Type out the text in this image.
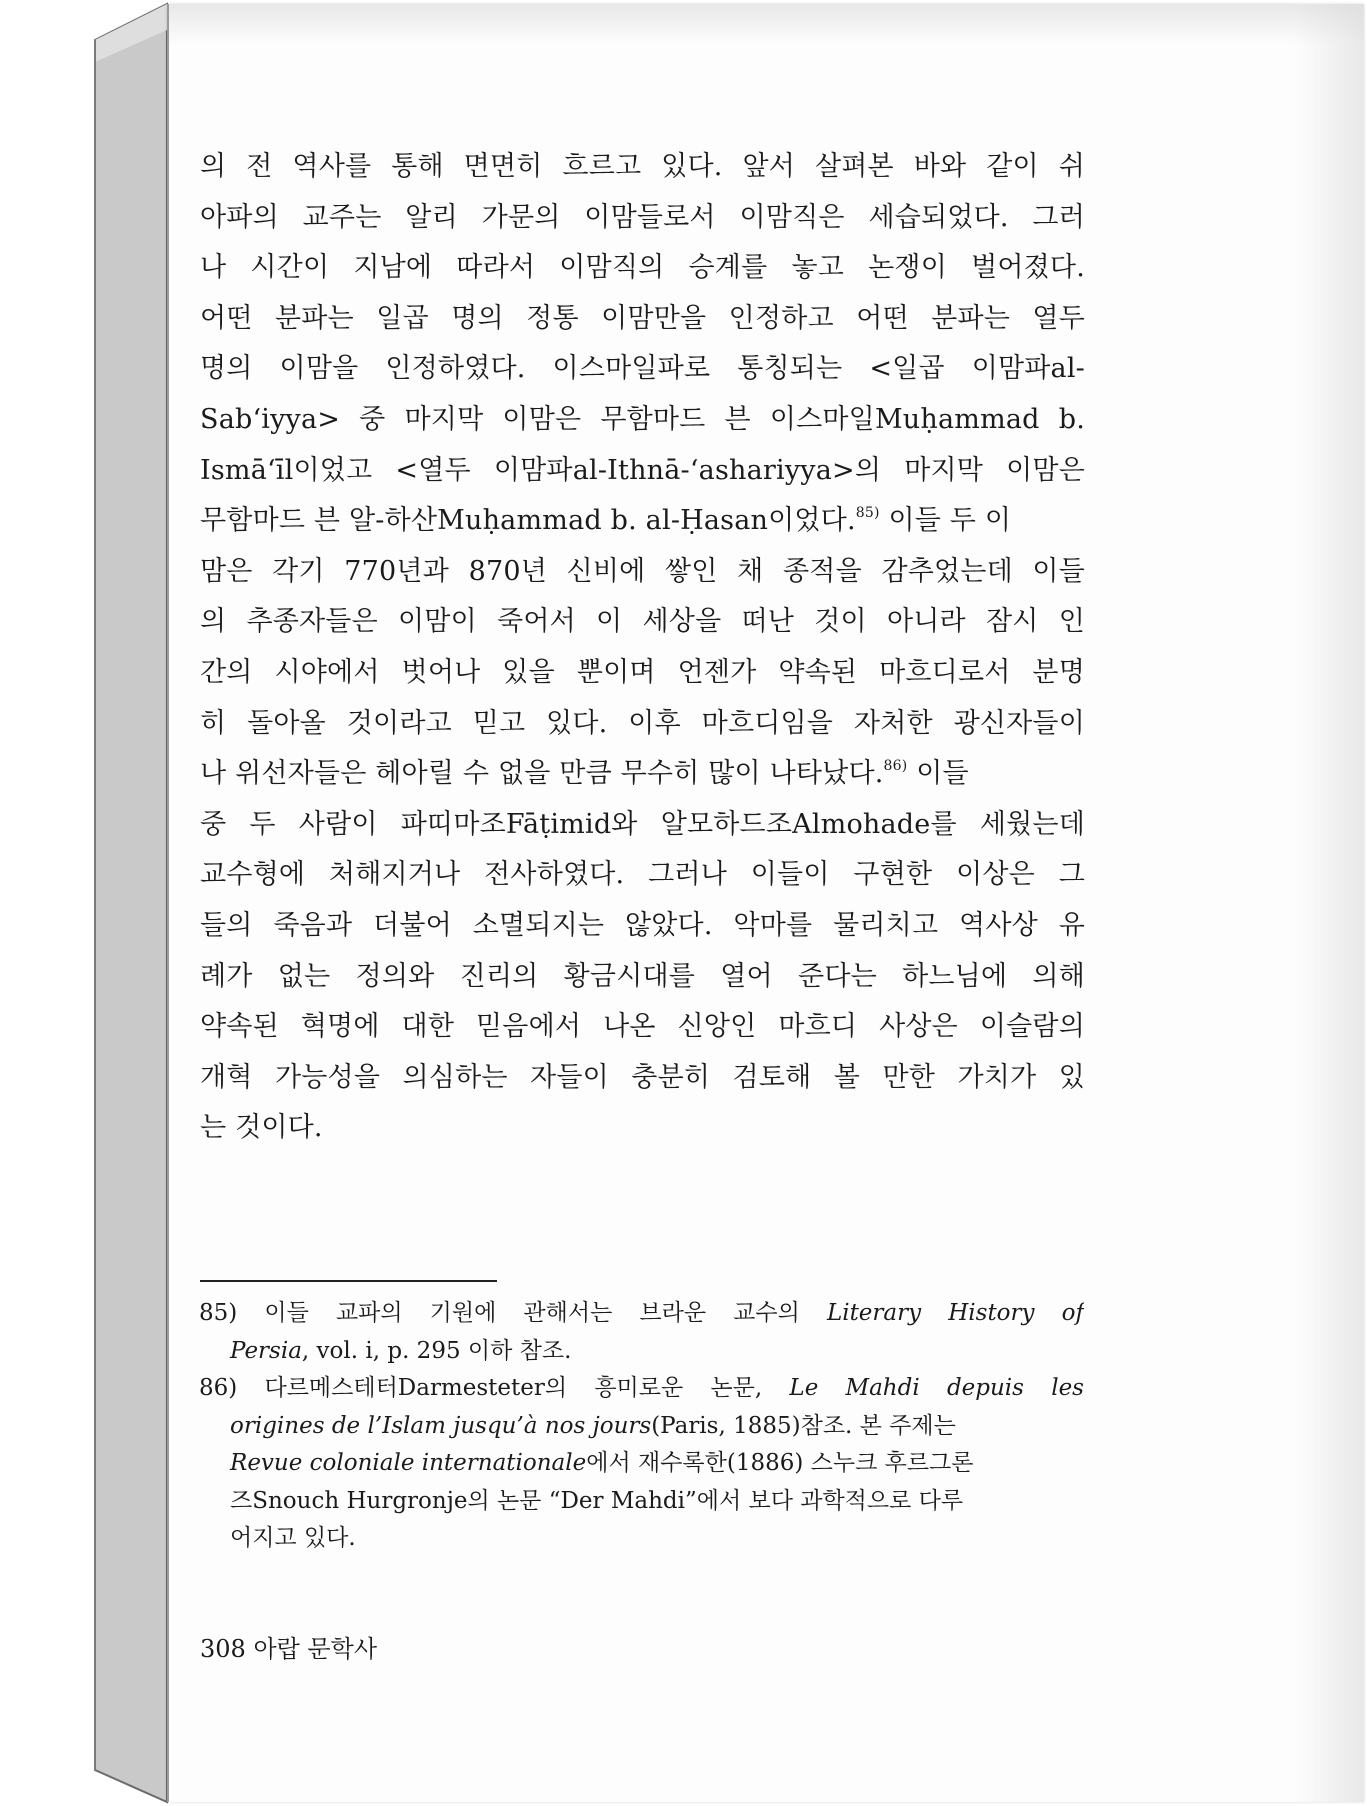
의 전 역사를 통해 면면히 흐르고 있다. 앞서 살펴본 바와 같이 쉬
아파의 교주는 알리 가문의 이맘들로서 이맘직은 세습되었다. 그러
나 시간이 지남에 따라서 이맘직의 승계를 놓고 논쟁이 벌어졌다.
어떤 분파는 일곱 명의 정통 이맘만을 인정하고 어떤 분파는 열두
명의 이맘을 인정하였다. 이스마일파로 통칭되는 <일곱 이맘파al-
Sab‘iyya> 중 마지막 이맘은 무함마드 븐 이스마일Muḥammad b.
Ismā‘īl이었고 <열두 이맘파al-Ithnā-‘ashariyya>의 마지막 이맘은
무함마드 븐 알-하산Muḥammad b. al-Ḥasan이었다.$^{85)}$ 이들 두 이
맘은 각기 770년과 870년 신비에 쌓인 채 종적을 감추었는데 이들
의 추종자들은 이맘이 죽어서 이 세상을 떠난 것이 아니라 잠시 인
간의 시야에서 벗어나 있을 뿐이며 언젠가 약속된 마흐디로서 분명
히 돌아올 것이라고 믿고 있다. 이후 마흐디임을 자처한 광신자들이
나 위선자들은 헤아릴 수 없을 만큼 무수히 많이 나타났다.$^{86)}$ 이들
중 두 사람이 파띠마조Fāṭimid와 알모하드조Almohade를 세웠는데
교수형에 처해지거나 전사하였다. 그러나 이들이 구현한 이상은 그
들의 죽음과 더불어 소멸되지는 않았다. 악마를 물리치고 역사상 유
례가 없는 정의와 진리의 황금시대를 열어 준다는 하느님에 의해
약속된 혁명에 대한 믿음에서 나온 신앙인 마흐디 사상은 이슬람의
개혁 가능성을 의심하는 자들이 충분히 검토해 볼 만한 가치가 있
는 것이다.
85) 이들 교파의 기원에 관해서는 브라운 교수의 Literary History of
Persia, vol. i, p. 295 이하 참조.
86) 다르메스테터Darmesteter의 흥미로운 논문, Le Mahdi depuis les
origines de l’Islam jusqu’à nos jours(Paris, 1885)참조. 본 주제는
Revue coloniale internationale에서 재수록한(1886) 스누크 후르그론
즈Snouch Hurgronje의 논문 “Der Mahdi”에서 보다 과학적으로 다루
어지고 있다.
308 아랍 문학사
